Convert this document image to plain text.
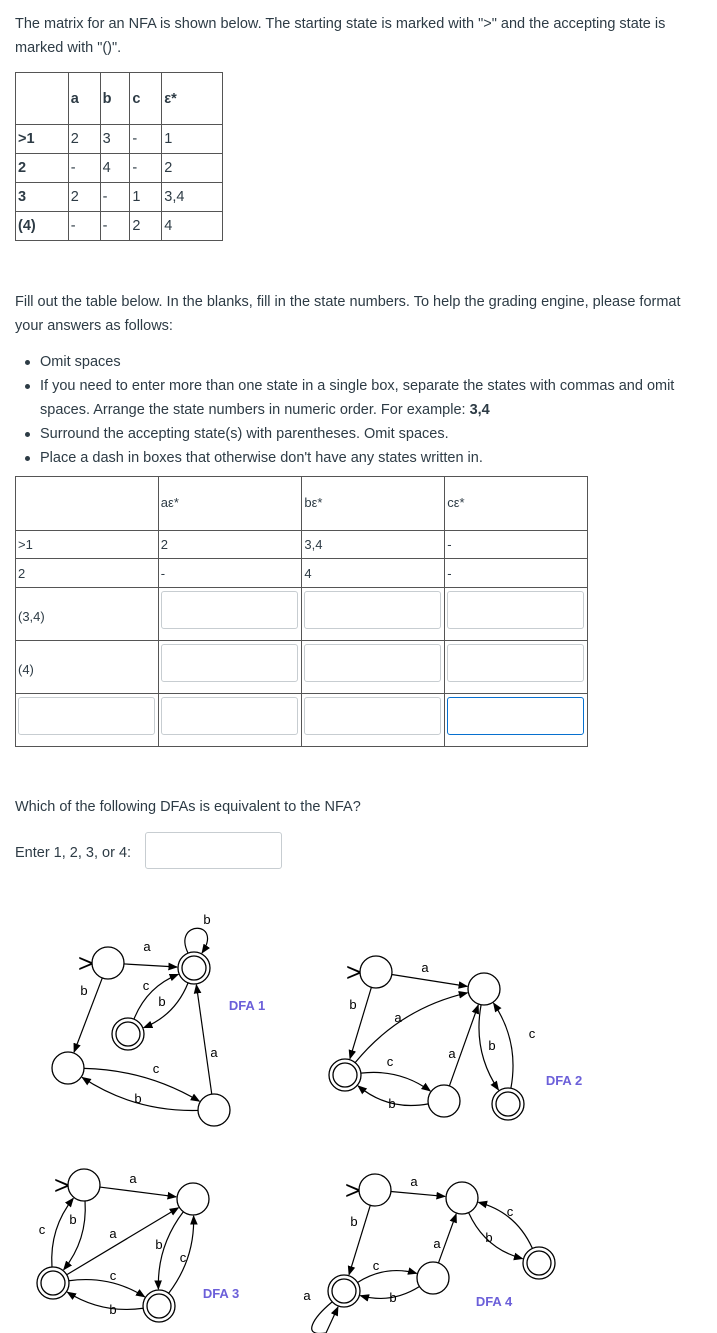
The matrix for an NFA is shown below. The starting state is marked with ">" and the accepting state is marked with "()".

	a	b	c	ε*
>1	2	3	-	1
2	-	4	-	2
3	2	-	1	3,4
(4)	-	-	2	4

Fill out the table below. In the blanks, fill in the state numbers. To help the grading engine, please format your answers as follows:

Omit spaces
If you need to enter more than one state in a single box, separate the states with commas and omit spaces. Arrange the state numbers in numeric order. For example: 3,4
Surround the accepting state(s) with parentheses. Omit spaces.
Place a dash in boxes that otherwise don't have any states written in.
	aε*	bε*	cε*
>1	2	3,4	-
2	-	4	-
(3,4)	

(4)	

Which of the following DFAs is equivalent to the NFA?

Enter 1, 2, 3, or 4:

>
a
b
b
c
b
c
b
a
DFA 1
>	a
b
a
c
b
a
b
c
DFA 2
>	a
b
c	a
c
b
b
c
DFA 3
>	a
b
c
b
a	b
c
a	DFA 4
